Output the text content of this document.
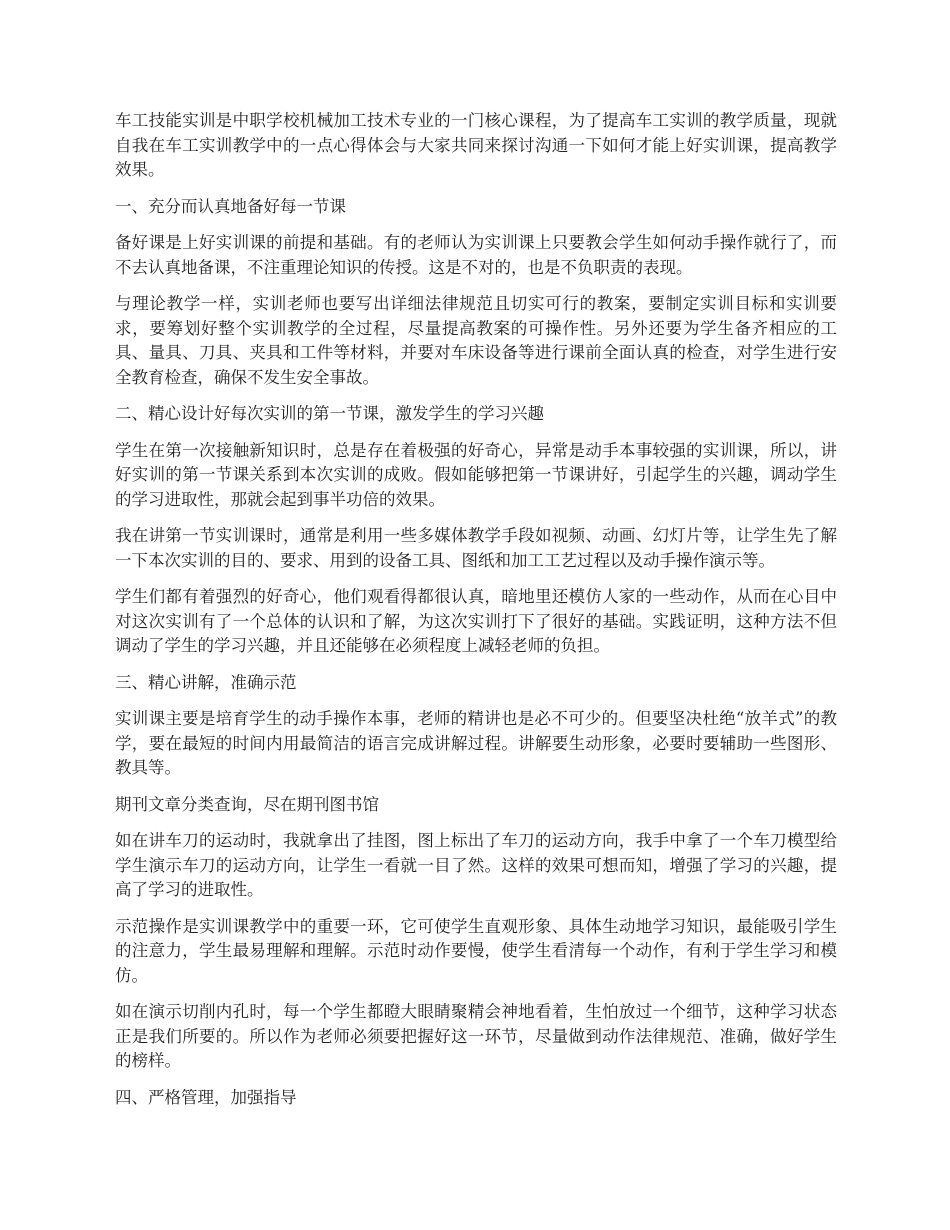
车工技能实训是中职学校机械加工技术专业的一门核心课程，为了提高车工实训的教学质量，现就自我在车工实训教学中的一点心得体会与大家共同来探讨沟通一下如何才能上好实训课，提高教学效果。

一、充分而认真地备好每一节课

备好课是上好实训课的前提和基础。有的老师认为实训课上只要教会学生如何动手操作就行了，而不去认真地备课，不注重理论知识的传授。这是不对的，也是不负职责的表现。

与理论教学一样，实训老师也要写出详细法律规范且切实可行的教案，要制定实训目标和实训要求，要筹划好整个实训教学的全过程，尽量提高教案的可操作性。另外还要为学生备齐相应的工具、量具、刀具、夹具和工件等材料，并要对车床设备等进行课前全面认真的检查，对学生进行安全教育检查，确保不发生安全事故。

二、精心设计好每次实训的第一节课，激发学生的学习兴趣

学生在第一次接触新知识时，总是存在着极强的好奇心，异常是动手本事较强的实训课，所以，讲好实训的第一节课关系到本次实训的成败。假如能够把第一节课讲好，引起学生的兴趣，调动学生的学习进取性，那就会起到事半功倍的效果。

我在讲第一节实训课时，通常是利用一些多媒体教学手段如视频、动画、幻灯片等，让学生先了解一下本次实训的目的、要求、用到的设备工具、图纸和加工工艺过程以及动手操作演示等。

学生们都有着强烈的好奇心，他们观看得都很认真，暗地里还模仿人家的一些动作，从而在心目中对这次实训有了一个总体的认识和了解，为这次实训打下了很好的基础。实践证明，这种方法不但调动了学生的学习兴趣，并且还能够在必须程度上减轻老师的负担。

三、精心讲解，准确示范

实训课主要是培育学生的动手操作本事，老师的精讲也是必不可少的。但要坚决杜绝“放羊式”的教学，要在最短的时间内用最简洁的语言完成讲解过程。讲解要生动形象，必要时要辅助一些图形、教具等。

期刊文章分类查询，尽在期刊图书馆

如在讲车刀的运动时，我就拿出了挂图，图上标出了车刀的运动方向，我手中拿了一个车刀模型给学生演示车刀的运动方向，让学生一看就一目了然。这样的效果可想而知，增强了学习的兴趣，提高了学习的进取性。

示范操作是实训课教学中的重要一环，它可使学生直观形象、具体生动地学习知识，最能吸引学生的注意力，学生最易理解和理解。示范时动作要慢，使学生看清每一个动作，有利于学生学习和模仿。

如在演示切削内孔时，每一个学生都瞪大眼睛聚精会神地看着，生怕放过一个细节，这种学习状态正是我们所要的。所以作为老师必须要把握好这一环节，尽量做到动作法律规范、准确，做好学生的榜样。

四、严格管理，加强指导
